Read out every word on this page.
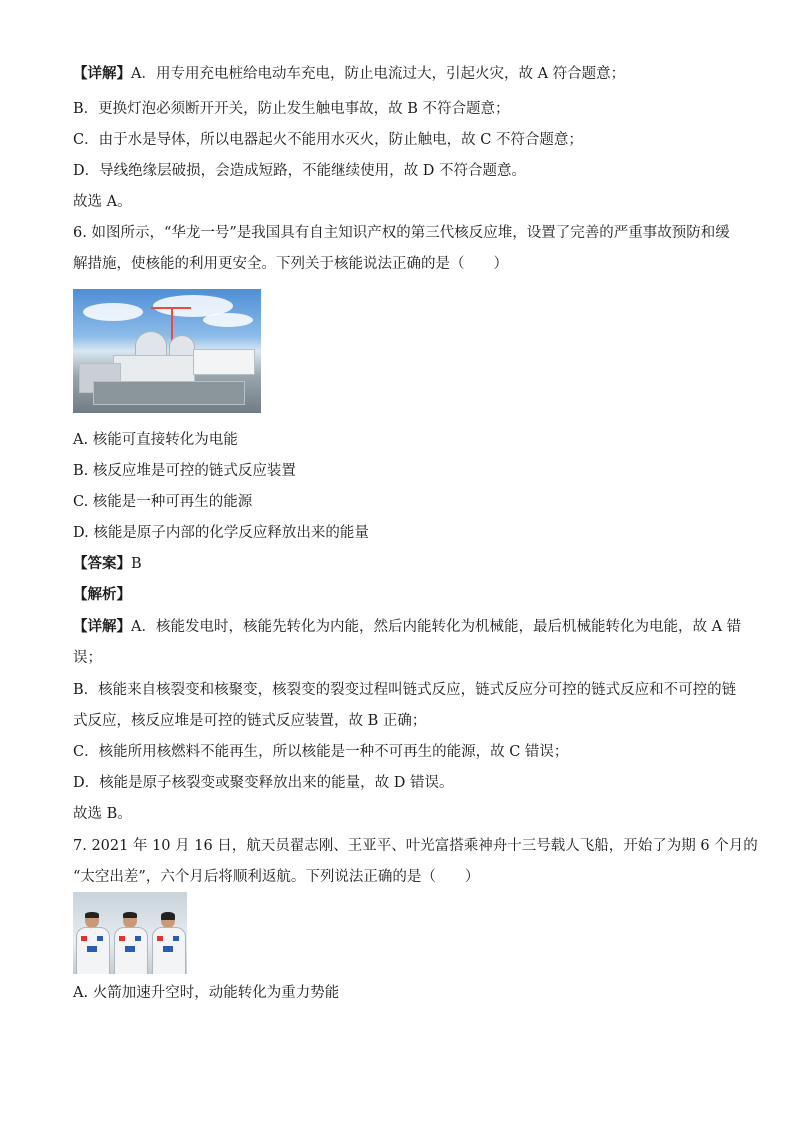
【详解】A．用专用充电桩给电动车充电，防止电流过大，引起火灾，故 A 符合题意；
B．更换灯泡必须断开开关，防止发生触电事故，故 B 不符合题意；
C．由于水是导体，所以电器起火不能用水灭火，防止触电，故 C 不符合题意；
D．导线绝缘层破损，会造成短路，不能继续使用，故 D 不符合题意。
故选 A。
6. 如图所示，“华龙一号”是我国具有自主知识产权的第三代核反应堆，设置了完善的严重事故预防和缓
解措施，使核能的利用更安全。下列关于核能说法正确的是（　　）
A. 核能可直接转化为电能
B. 核反应堆是可控的链式反应装置
C. 核能是一种可再生的能源
D. 核能是原子内部的化学反应释放出来的能量
【答案】B
【解析】
【详解】A．核能发电时，核能先转化为内能，然后内能转化为机械能，最后机械能转化为电能，故 A 错
误；
B．核能来自核裂变和核聚变，核裂变的裂变过程叫链式反应，链式反应分可控的链式反应和不可控的链
式反应，核反应堆是可控的链式反应装置，故 B 正确；
C．核能所用核燃料不能再生，所以核能是一种不可再生的能源，故 C 错误；
D．核能是原子核裂变或聚变释放出来的能量，故 D 错误。
故选 B。
7. 2021 年 10 月 16 日，航天员翟志刚、王亚平、叶光富搭乘神舟十三号载人飞船，开始了为期 6 个月的
“太空出差”，六个月后将顺利返航。下列说法正确的是（　　）
A. 火箭加速升空时，动能转化为重力势能
